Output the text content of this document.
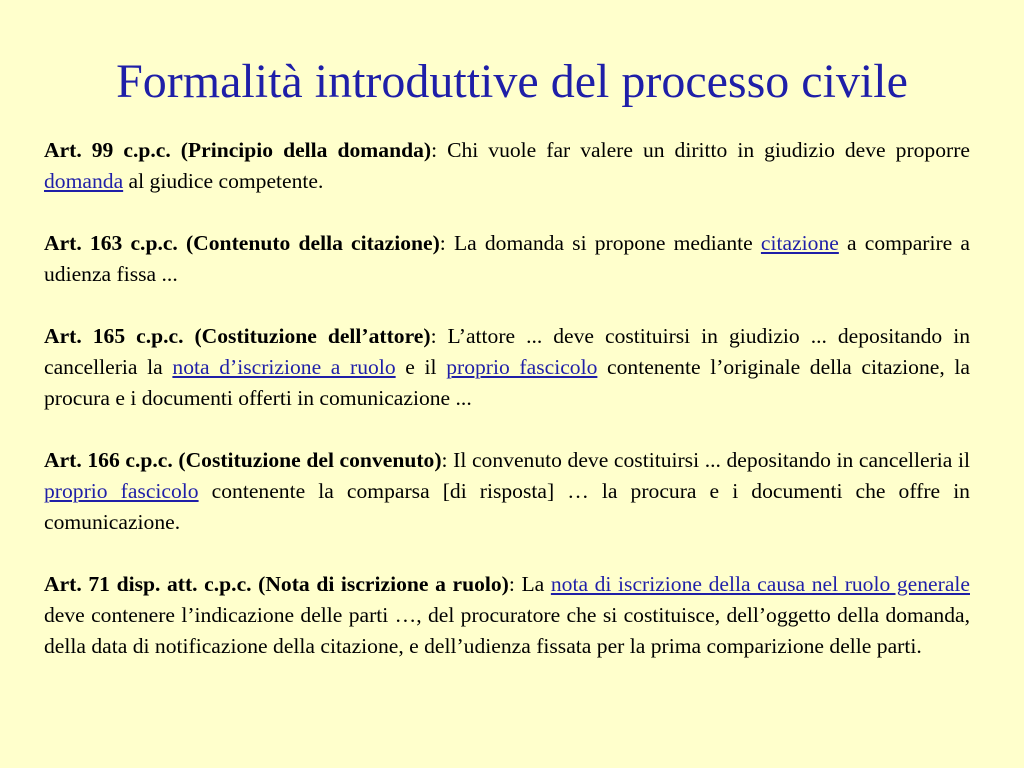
Formalità introduttive del processo civile

Art. 99 c.p.c. (Principio della domanda): Chi vuole far valere un diritto in giudizio deve proporre domanda al giudice competente.

Art. 163 c.p.c. (Contenuto della citazione): La domanda si propone mediante citazione a comparire a udienza fissa ...

Art. 165 c.p.c. (Costituzione dell’attore): L’attore ... deve costituirsi in giudizio ... depositando in cancelleria la nota d’iscrizione a ruolo e il proprio fascicolo contenente l’originale della citazione, la procura e i documenti offerti in comunicazione ...

Art. 166 c.p.c. (Costituzione del convenuto): Il convenuto deve costituirsi ... depositando in cancelleria il proprio fascicolo contenente la comparsa [di risposta] … la procura e i documenti che offre in comunicazione.

Art. 71 disp. att. c.p.c. (Nota di iscrizione a ruolo): La nota di iscrizione della causa nel ruolo generale deve contenere l’indicazione delle parti …, del procuratore che si costituisce, dell’oggetto della domanda, della data di notificazione della citazione, e dell’udienza fissata per la prima comparizione delle parti.
